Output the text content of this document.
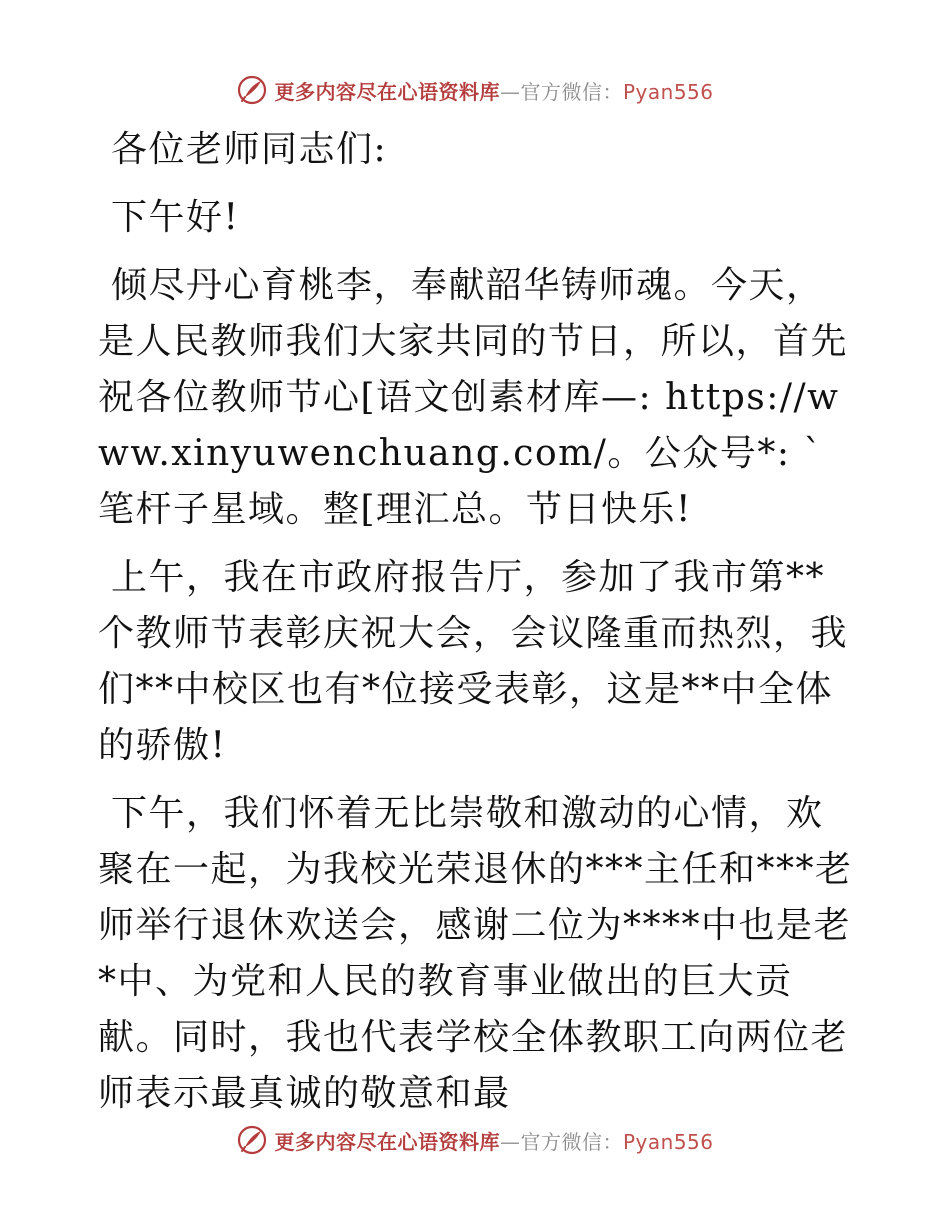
更多内容尽在心语资料库—官方微信：Pyan556

各位老师同志们:

下午好!

倾尽丹心育桃李，奉献韶华铸师魂。今天，是人民教师我们大家共同的节日，所以，首先祝各位教师节心[语文创素材库—: https://www.xinyuwenchuang.com/。公众号*: `笔杆子星域。整[理汇总。节日快乐!

上午，我在市政府报告厅，参加了我市第**个教师节表彰庆祝大会，会议隆重而热烈，我们**中校区也有*位接受表彰，这是**中全体的骄傲!

下午，我们怀着无比崇敬和激动的心情，欢聚在一起，为我校光荣退休的***主任和***老师举行退休欢送会，感谢二位为****中也是老*中、为党和人民的教育事业做出的巨大贡献。同时，我也代表学校全体教职工向两位老师表示最真诚的敬意和最

更多内容尽在心语资料库—官方微信：Pyan556
